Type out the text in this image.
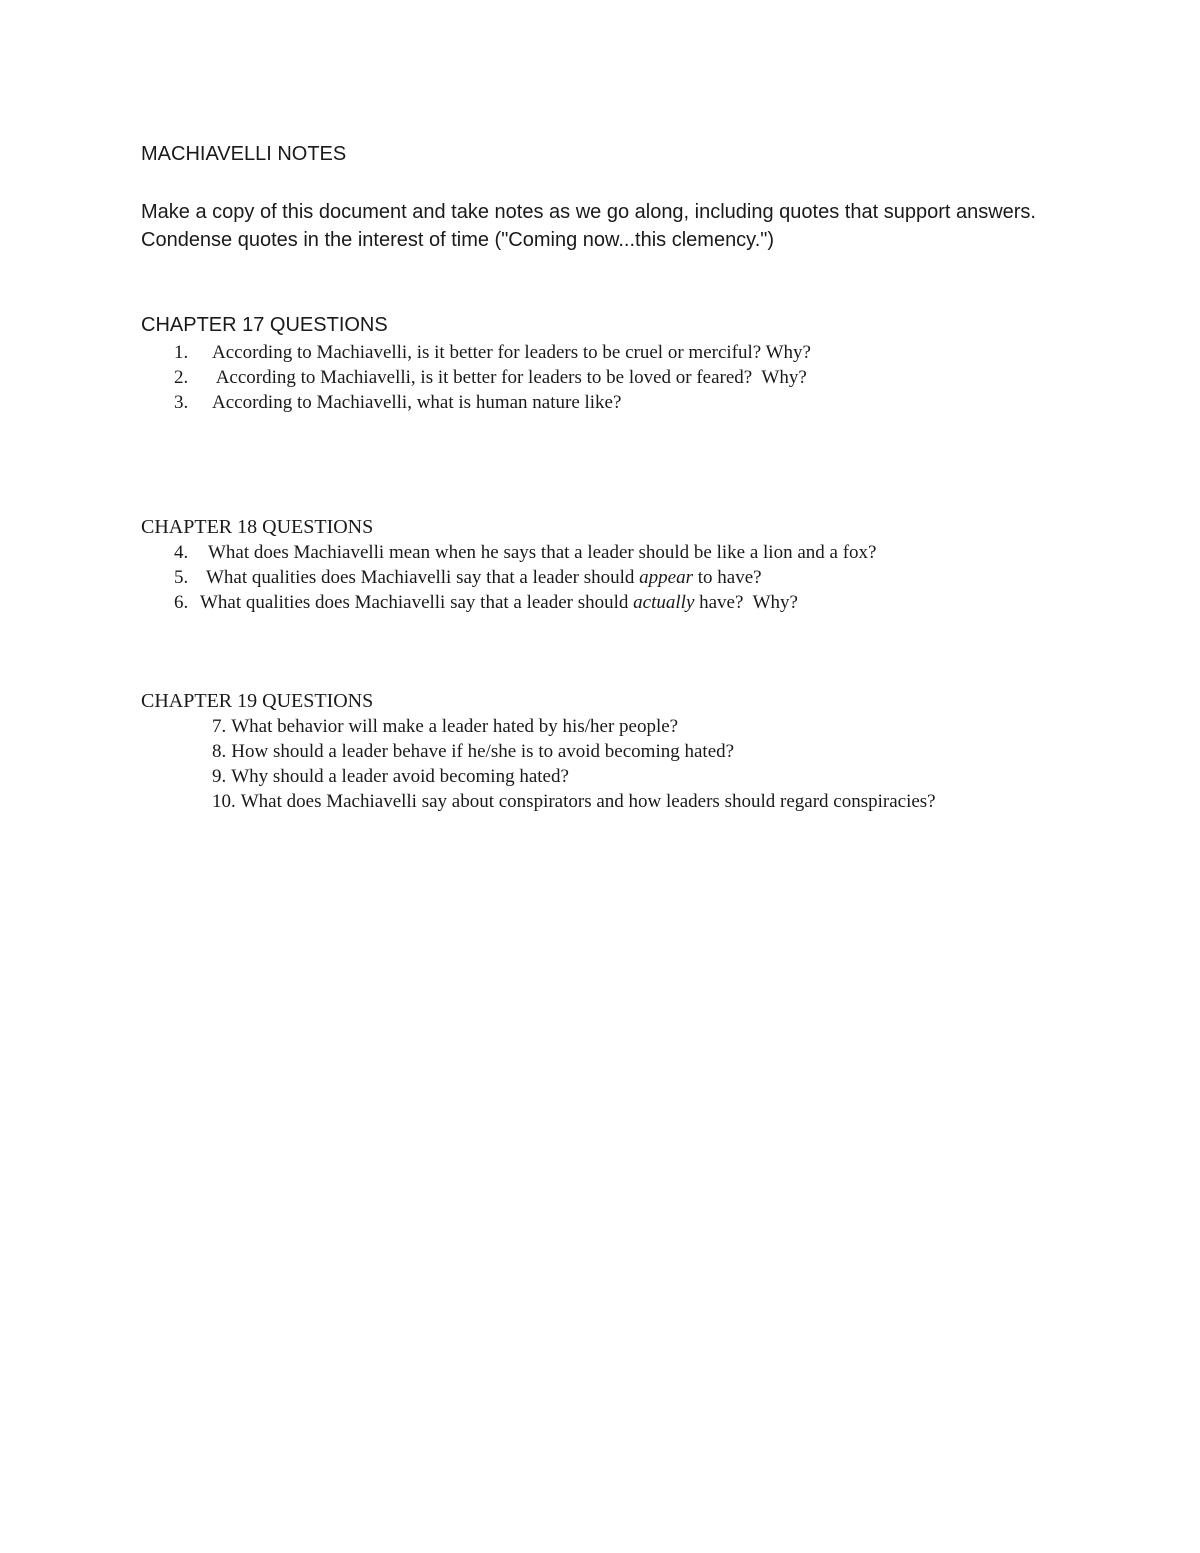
MACHIAVELLI NOTES

Make a copy of this document and take notes as we go along, including quotes that support answers. Condense quotes in the interest of time ("Coming now...this clemency.")

CHAPTER 17 QUESTIONS
1. According to Machiavelli, is it better for leaders to be cruel or merciful? Why?
2. According to Machiavelli, is it better for leaders to be loved or feared?  Why?
3. According to Machiavelli, what is human nature like?
CHAPTER 18 QUESTIONS
4. What does Machiavelli mean when he says that a leader should be like a lion and a fox?
5. What qualities does Machiavelli say that a leader should appear to have?
6. What qualities does Machiavelli say that a leader should actually have?  Why?
CHAPTER 19 QUESTIONS
7. What behavior will make a leader hated by his/her people?
8. How should a leader behave if he/she is to avoid becoming hated?
9. Why should a leader avoid becoming hated?
10. What does Machiavelli say about conspirators and how leaders should regard conspiracies?
